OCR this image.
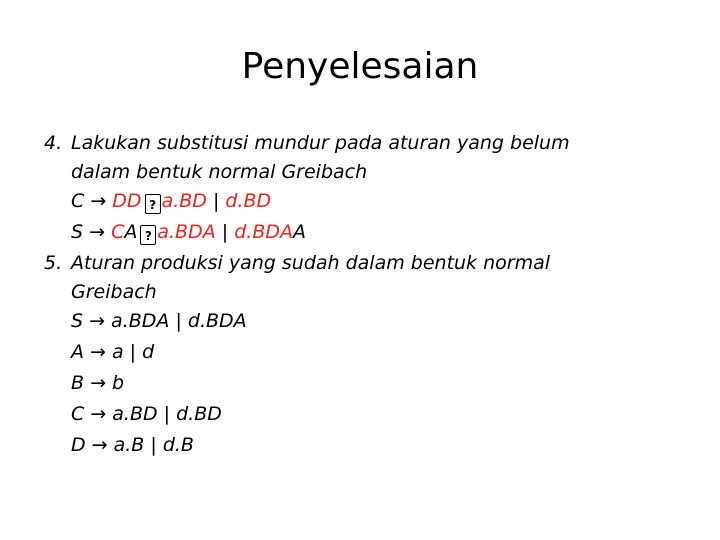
Penyelesaian
4. Lakukan substitusi mundur pada aturan yang belum
dalam bentuk normal Greibach
C → DD ? a.BD | d.BD
S → CA ? a.BDA | d.BDAA
5. Aturan produksi yang sudah dalam bentuk normal
Greibach
S → a.BDA | d.BDA
A → a | d
B → b
C → a.BD | d.BD
D → a.B | d.B
